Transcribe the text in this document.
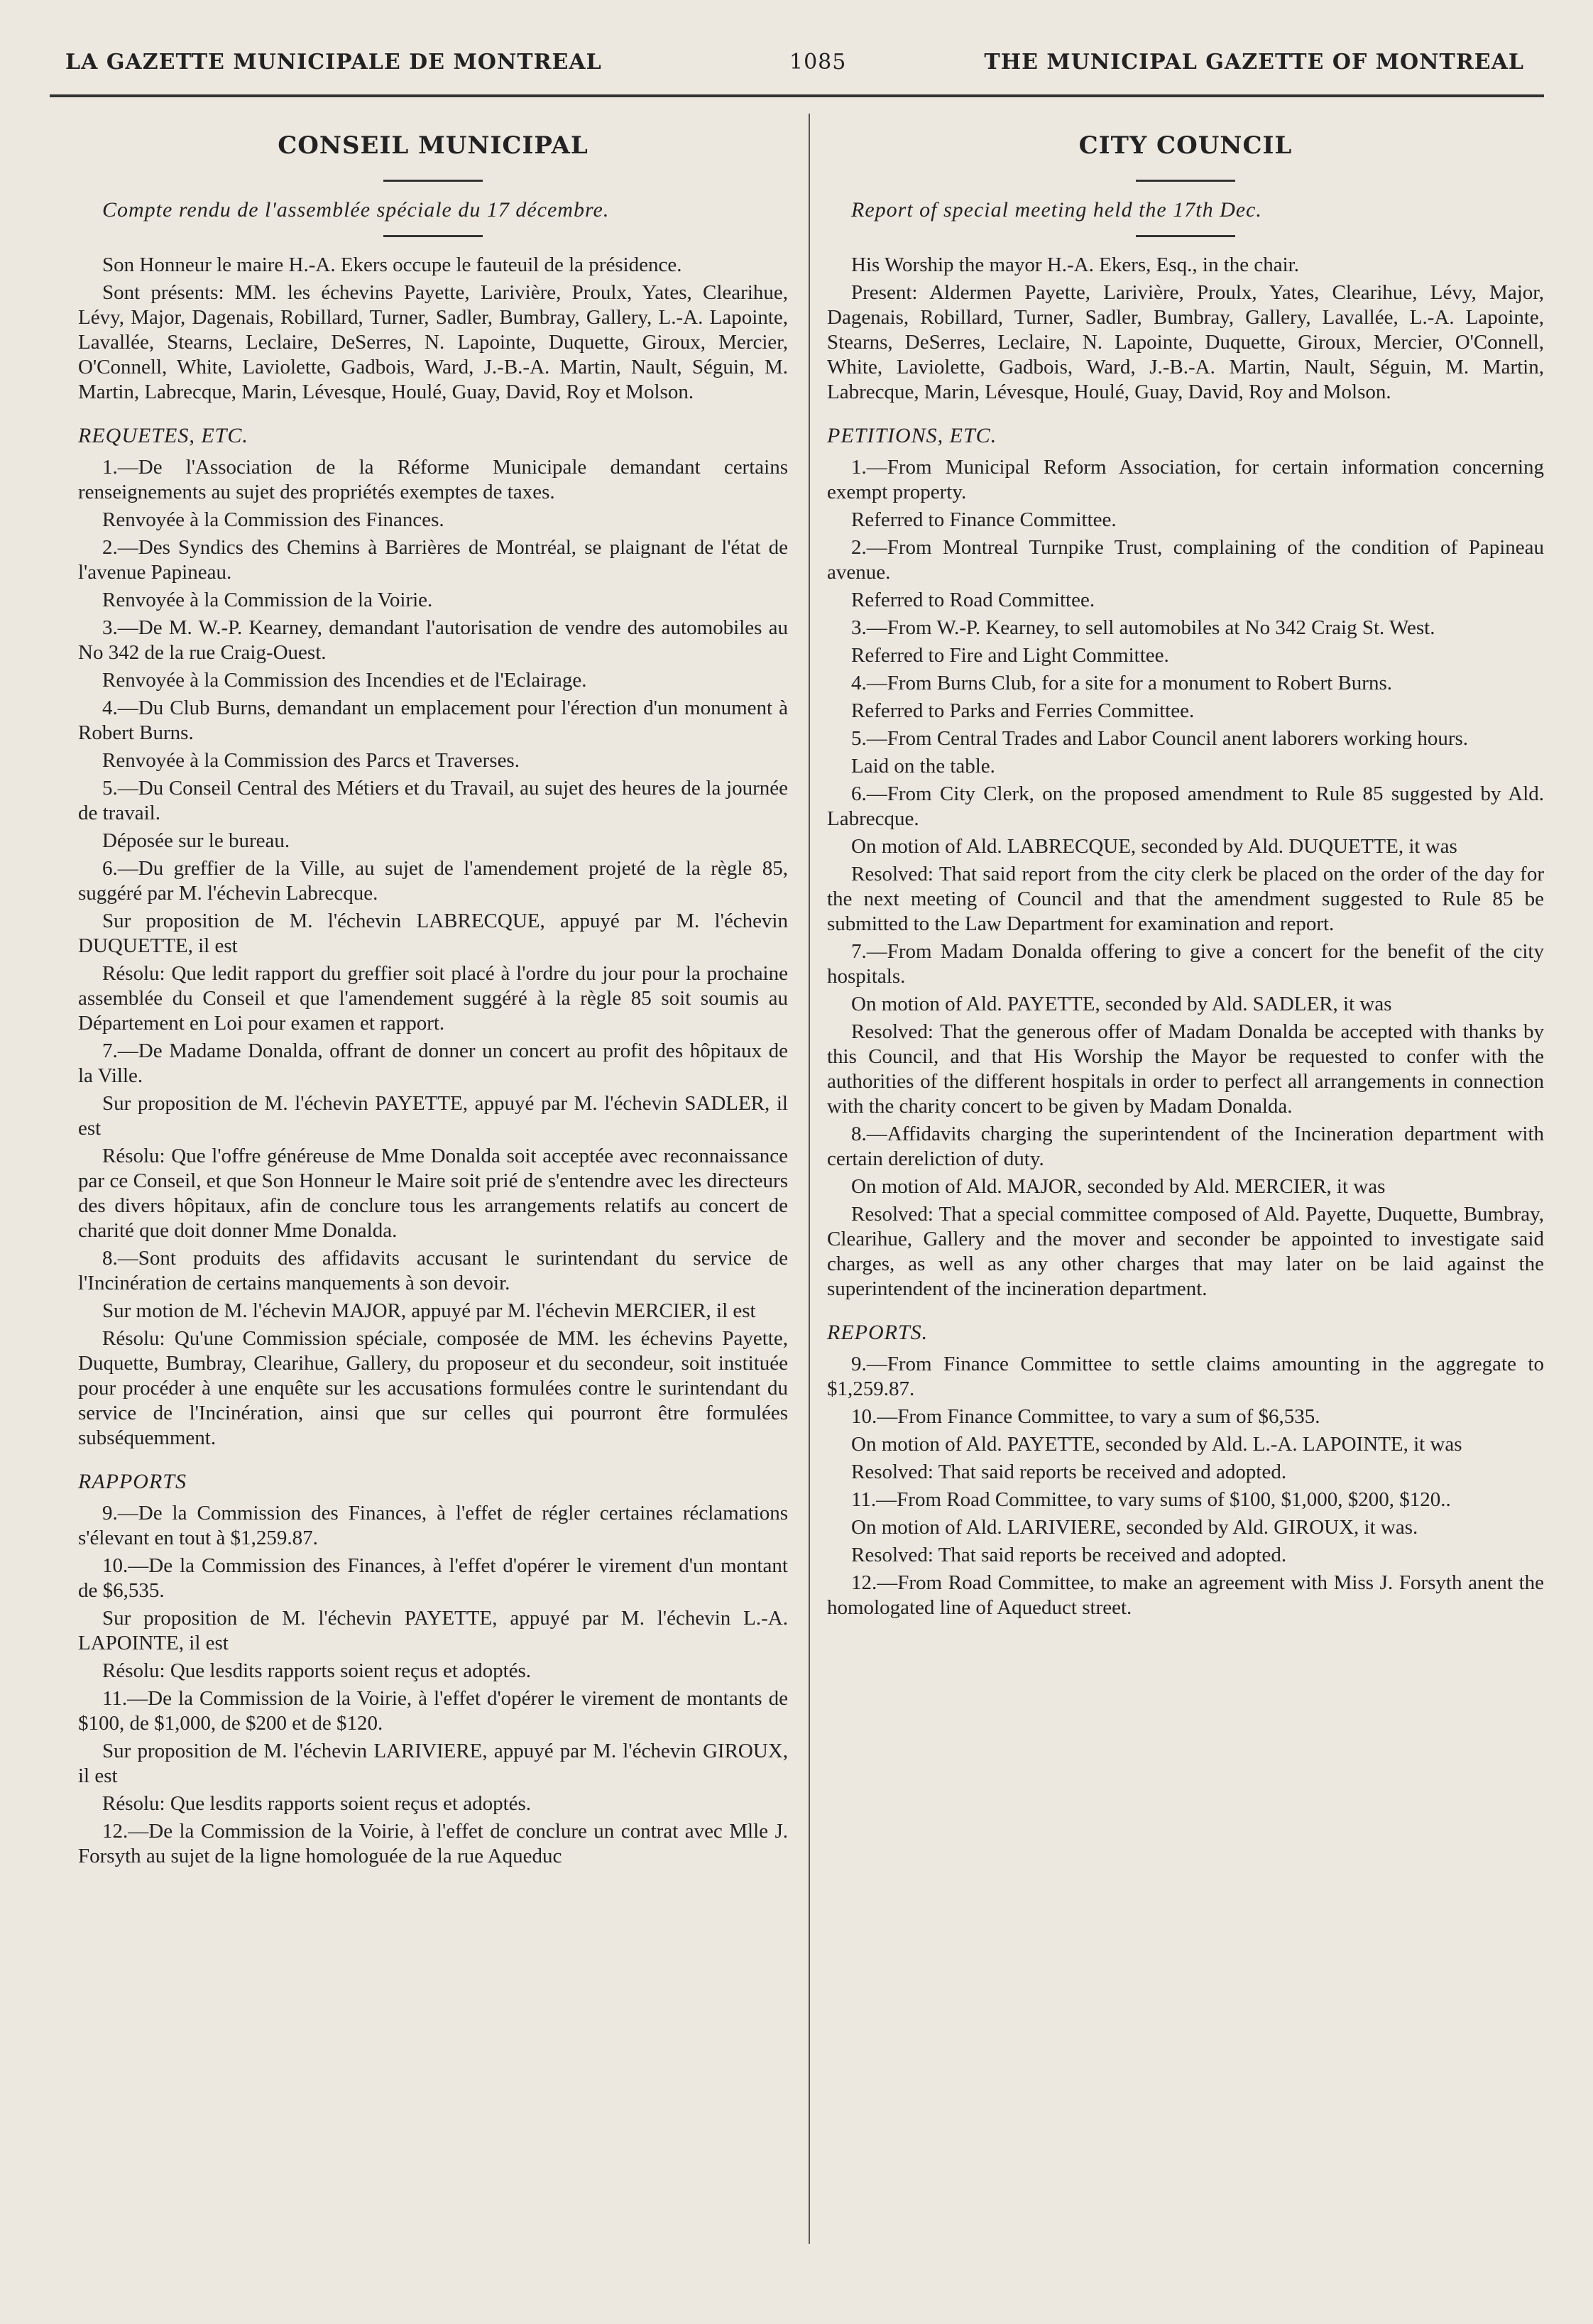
LA GAZETTE MUNICIPALE DE MONTREAL	1085	THE MUNICIPAL GAZETTE OF MONTREAL
CONSEIL MUNICIPAL

Compte rendu de l'assemblée spéciale du 17 décembre.

Son Honneur le maire H.-A. Ekers occupe le fauteuil de la présidence.

Sont présents: MM. les échevins Payette, Larivière, Proulx, Yates, Clearihue, Lévy, Major, Dagenais, Robillard, Turner, Sadler, Bumbray, Gallery, L.-A. Lapointe, Lavallée, Stearns, Leclaire, DeSerres, N. Lapointe, Duquette, Giroux, Mercier, O'Connell, White, Laviolette, Gadbois, Ward, J.-B.-A. Martin, Nault, Séguin, M. Martin, Labrecque, Marin, Lévesque, Houlé, Guay, David, Roy et Molson.

REQUETES, ETC.

1.—De l'Association de la Réforme Municipale demandant certains renseignements au sujet des propriétés exemptes de taxes.

Renvoyée à la Commission des Finances.

2.—Des Syndics des Chemins à Barrières de Montréal, se plaignant de l'état de l'avenue Papineau.

Renvoyée à la Commission de la Voirie.

3.—De M. W.-P. Kearney, demandant l'autorisation de vendre des automobiles au No 342 de la rue Craig-Ouest.

Renvoyée à la Commission des Incendies et de l'Eclairage.

4.—Du Club Burns, demandant un emplacement pour l'érection d'un monument à Robert Burns.

Renvoyée à la Commission des Parcs et Traverses.

5.—Du Conseil Central des Métiers et du Travail, au sujet des heures de la journée de travail.

Déposée sur le bureau.

6.—Du greffier de la Ville, au sujet de l'amendement projeté de la règle 85, suggéré par M. l'échevin Labrecque.

Sur proposition de M. l'échevin LABRECQUE, appuyé par M. l'échevin DUQUETTE, il est

Résolu: Que ledit rapport du greffier soit placé à l'ordre du jour pour la prochaine assemblée du Conseil et que l'amendement suggéré à la règle 85 soit soumis au Département en Loi pour examen et rapport.

7.—De Madame Donalda, offrant de donner un concert au profit des hôpitaux de la Ville.

Sur proposition de M. l'échevin PAYETTE, appuyé par M. l'échevin SADLER, il est

Résolu: Que l'offre généreuse de Mme Donalda soit acceptée avec reconnaissance par ce Conseil, et que Son Honneur le Maire soit prié de s'entendre avec les directeurs des divers hôpitaux, afin de conclure tous les arrangements relatifs au concert de charité que doit donner Mme Donalda.

8.—Sont produits des affidavits accusant le surintendant du service de l'Incinération de certains manquements à son devoir.

Sur motion de M. l'échevin MAJOR, appuyé par M. l'échevin MERCIER, il est

Résolu: Qu'une Commission spéciale, composée de MM. les échevins Payette, Duquette, Bumbray, Clearihue, Gallery, du proposeur et du secondeur, soit instituée pour procéder à une enquête sur les accusations formulées contre le surintendant du service de l'Incinération, ainsi que sur celles qui pourront être formulées subséquemment.

RAPPORTS

9.—De la Commission des Finances, à l'effet de régler certaines réclamations s'élevant en tout à $1,259.87.

10.—De la Commission des Finances, à l'effet d'opérer le virement d'un montant de $6,535.

Sur proposition de M. l'échevin PAYETTE, appuyé par M. l'échevin L.-A. LAPOINTE, il est

Résolu: Que lesdits rapports soient reçus et adoptés.

11.—De la Commission de la Voirie, à l'effet d'opérer le virement de montants de $100, de $1,000, de $200 et de $120.

Sur proposition de M. l'échevin LARIVIERE, appuyé par M. l'échevin GIROUX, il est

Résolu: Que lesdits rapports soient reçus et adoptés.

12.—De la Commission de la Voirie, à l'effet de conclure un contrat avec Mlle J. Forsyth au sujet de la ligne homologuée de la rue Aqueduc

CITY COUNCIL

Report of special meeting held the 17th Dec.

His Worship the mayor H.-A. Ekers, Esq., in the chair.

Present: Aldermen Payette, Larivière, Proulx, Yates, Clearihue, Lévy, Major, Dagenais, Robillard, Turner, Sadler, Bumbray, Gallery, Lavallée, L.-A. Lapointe, Stearns, DeSerres, Leclaire, N. Lapointe, Duquette, Giroux, Mercier, O'Connell, White, Laviolette, Gadbois, Ward, J.-B.-A. Martin, Nault, Séguin, M. Martin, Labrecque, Marin, Lévesque, Houlé, Guay, David, Roy and Molson.

PETITIONS, ETC.

1.—From Municipal Reform Association, for certain information concerning exempt property.

Referred to Finance Committee.

2.—From Montreal Turnpike Trust, complaining of the condition of Papineau avenue.

Referred to Road Committee.

3.—From W.-P. Kearney, to sell automobiles at No 342 Craig St. West.

Referred to Fire and Light Committee.

4.—From Burns Club, for a site for a monument to Robert Burns.

Referred to Parks and Ferries Committee.

5.—From Central Trades and Labor Council anent laborers working hours.

Laid on the table.

6.—From City Clerk, on the proposed amendment to Rule 85 suggested by Ald. Labrecque.

On motion of Ald. LABRECQUE, seconded by Ald. DUQUETTE, it was

Resolved: That said report from the city clerk be placed on the order of the day for the next meeting of Council and that the amendment suggested to Rule 85 be submitted to the Law Department for examination and report.

7.—From Madam Donalda offering to give a concert for the benefit of the city hospitals.

On motion of Ald. PAYETTE, seconded by Ald. SADLER, it was

Resolved: That the generous offer of Madam Donalda be accepted with thanks by this Council, and that His Worship the Mayor be requested to confer with the authorities of the different hospitals in order to perfect all arrangements in connection with the charity concert to be given by Madam Donalda.

8.—Affidavits charging the superintendent of the Incineration department with certain dereliction of duty.

On motion of Ald. MAJOR, seconded by Ald. MERCIER, it was

Resolved: That a special committee composed of Ald. Payette, Duquette, Bumbray, Clearihue, Gallery and the mover and seconder be appointed to investigate said charges, as well as any other charges that may later on be laid against the superintendent of the incineration department.

REPORTS.

9.—From Finance Committee to settle claims amounting in the aggregate to $1,259.87.

10.—From Finance Committee, to vary a sum of $6,535.

On motion of Ald. PAYETTE, seconded by Ald. L.-A. LAPOINTE, it was

Resolved: That said reports be received and adopted.

11.—From Road Committee, to vary sums of $100, $1,000, $200, $120..

On motion of Ald. LARIVIERE, seconded by Ald. GIROUX, it was.

Resolved: That said reports be received and adopted.

12.—From Road Committee, to make an agreement with Miss J. Forsyth anent the homologated line of Aqueduct street.
